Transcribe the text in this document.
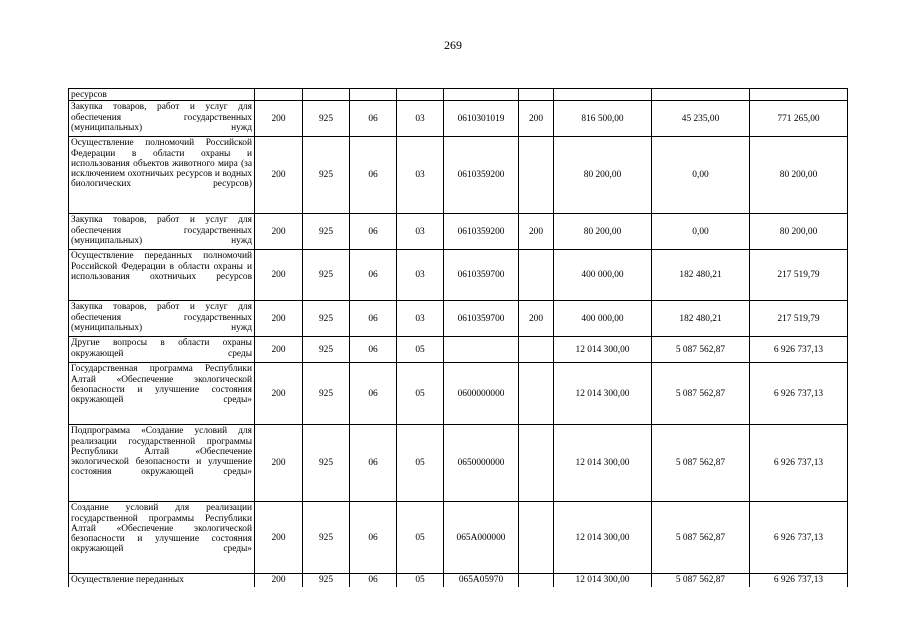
269
ресурсов									
Закупка товаров, работ и услуг для обеспечения государственных (муниципальных) нужд	200	925	06	03	0610301019	200	816 500,00	45 235,00	771 265,00
Осуществление полномочий Российской Федерации в области охраны и использования объектов животного мира (за исключением охотничьих ресурсов и водных биологических ресурсов)	200	925	06	03	0610359200		80 200,00	0,00	80 200,00
Закупка товаров, работ и услуг для обеспечения государственных (муниципальных) нужд	200	925	06	03	0610359200	200	80 200,00	0,00	80 200,00
Осуществление переданных полномочий Российской Федерации в области охраны и использования охотничьих ресурсов	200	925	06	03	0610359700		400 000,00	182 480,21	217 519,79
Закупка товаров, работ и услуг для обеспечения государственных (муниципальных) нужд	200	925	06	03	0610359700	200	400 000,00	182 480,21	217 519,79
Другие вопросы в области охраны окружающей среды	200	925	06	05			12 014 300,00	5 087 562,87	6 926 737,13
Государственная программа Республики Алтай «Обеспечение экологической безопасности и улучшение состояния окружающей среды»	200	925	06	05	0600000000		12 014 300,00	5 087 562,87	6 926 737,13
Подпрограмма «Создание условий для реализации государственной программы Республики Алтай «Обеспечение экологической безопасности и улучшение состояния окружающей среды»	200	925	06	05	0650000000		12 014 300,00	5 087 562,87	6 926 737,13
Создание условий для реализации государственной программы Республики Алтай «Обеспечение экологической безопасности и улучшение состояния окружающей среды»	200	925	06	05	065А000000		12 014 300,00	5 087 562,87	6 926 737,13
Осуществление переданных	200	925	06	05	065А05970		12 014 300,00	5 087 562,87	6 926 737,13
